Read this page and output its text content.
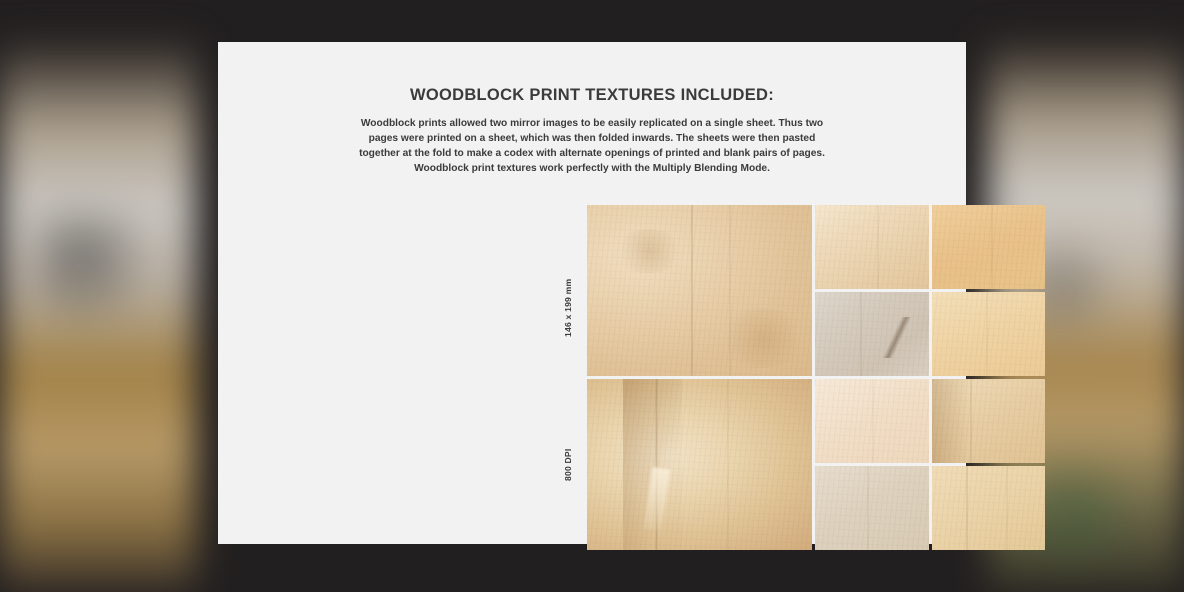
WOODBLOCK PRINT TEXTURES INCLUDED:

Woodblock prints allowed two mirror images to be easily replicated on a single sheet. Thus two

pages were printed on a sheet, which was then folded inwards. The sheets were then pasted

together at the fold to make a codex with alternate openings of printed and blank pairs of pages.

Woodblock print textures work perfectly with the Multiply Blending Mode.

146 x 199 mm
800 DPI
